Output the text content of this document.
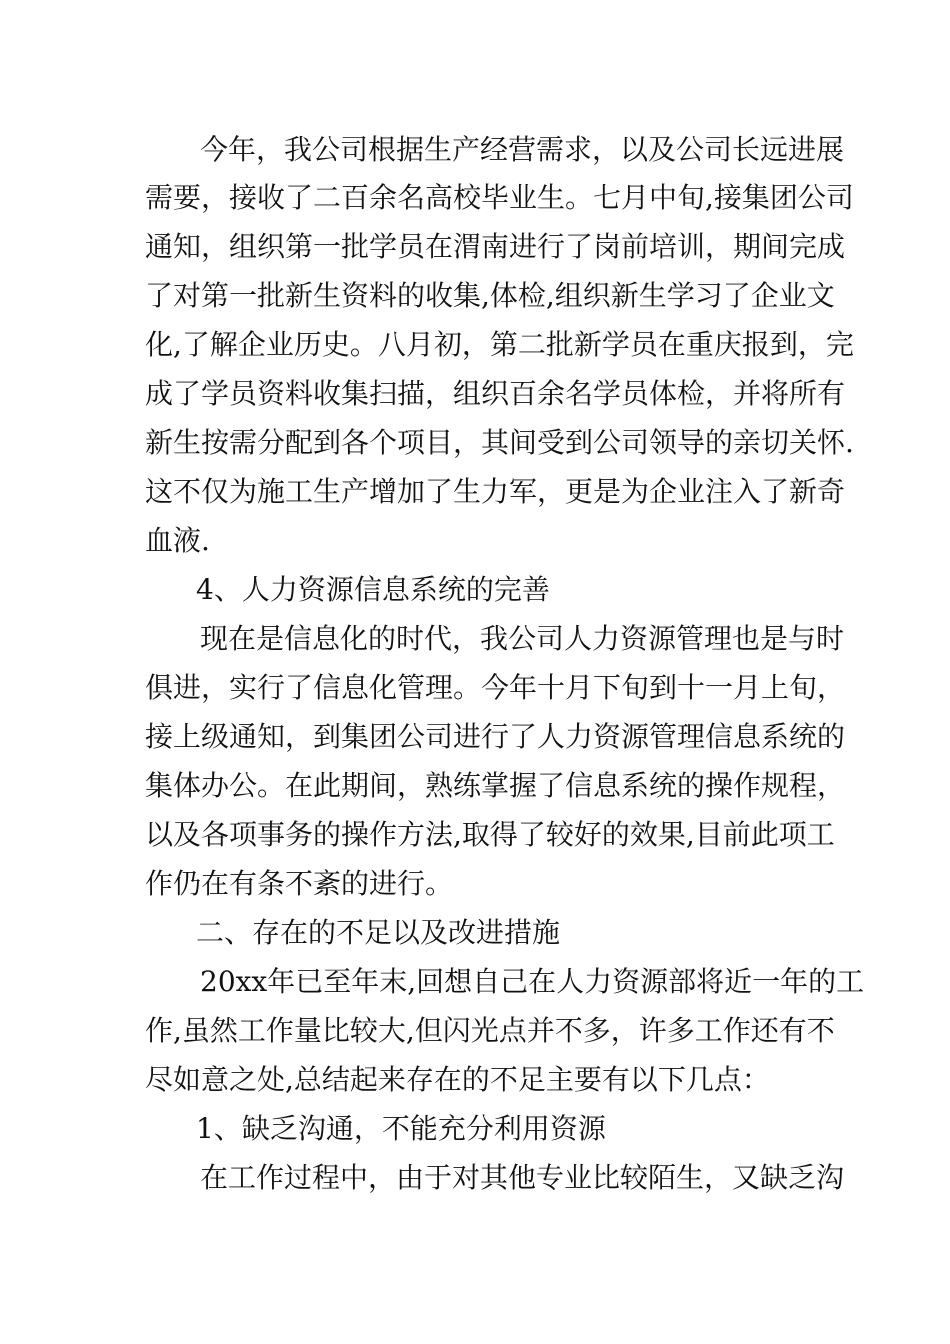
今年，我公司根据生产经营需求，以及公司长远进展
需要，接收了二百余名高校毕业生。七月中旬,接集团公司
通知，组织第一批学员在渭南进行了岗前培训，期间完成
了对第一批新生资料的收集,体检,组织新生学习了企业文
化,了解企业历史。八月初，第二批新学员在重庆报到，完
成了学员资料收集扫描，组织百余名学员体检，并将所有
新生按需分配到各个项目，其间受到公司领导的亲切关怀.
这不仅为施工生产增加了生力军，更是为企业注入了新奇
血液.
4、人力资源信息系统的完善
现在是信息化的时代，我公司人力资源管理也是与时
俱进，实行了信息化管理。今年十月下旬到十一月上旬，
接上级通知，到集团公司进行了人力资源管理信息系统的
集体办公。在此期间，熟练掌握了信息系统的操作规程，
以及各项事务的操作方法,取得了较好的效果,目前此项工
作仍在有条不紊的进行。
二、存在的不足以及改进措施
20xx年已至年末,回想自己在人力资源部将近一年的工
作,虽然工作量比较大,但闪光点并不多，许多工作还有不
尽如意之处,总结起来存在的不足主要有以下几点：
1、缺乏沟通，不能充分利用资源
在工作过程中，由于对其他专业比较陌生，又缺乏沟
